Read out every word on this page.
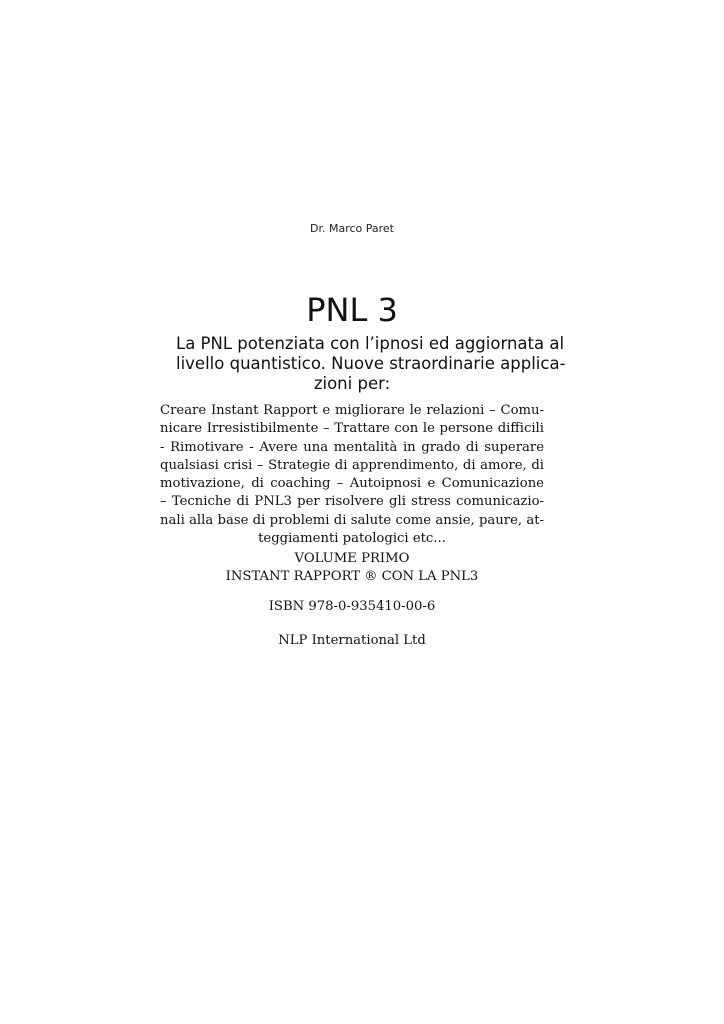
Dr. Marco Paret
PNL 3
La PNL potenziata con l’ipnosi ed aggiornata al
livello quantistico. Nuove straordinarie applica-
zioni per:
Creare Instant Rapport e migliorare le relazioni – Comu-
nicare Irresistibilmente – Trattare con le persone difficili
- Rimotivare - Avere una mentalità in grado di superare
qualsiasi crisi – Strategie di apprendimento, di amore, di
motivazione, di coaching – Autoipnosi e Comunicazione
– Tecniche di PNL3 per risolvere gli stress comunicazio-
nali alla base di problemi di salute come ansie, paure, at-
teggiamenti patologici etc...
VOLUME PRIMO
INSTANT RAPPORT ® CON LA PNL3
ISBN 978-0-935410-00-6
NLP International Ltd
